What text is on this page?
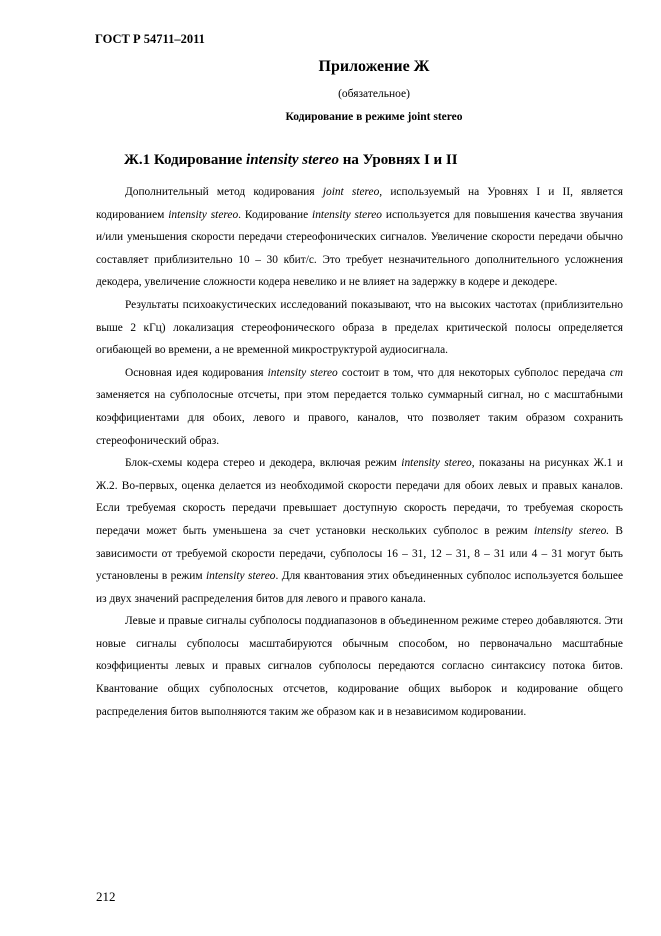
ГОСТ Р 54711–2011
Приложение Ж
(обязательное)
Кодирование в режиме joint stereo
Ж.1 Кодирование intensity stereo на Уровнях I и II

Дополнительный метод кодирования joint stereo, используемый на Уровнях I и II, является кодированием intensity stereo. Кодирование intensity stereo используется для повышения качества звучания и/или уменьшения скорости передачи стереофонических сигналов. Увеличение скорости передачи обычно составляет приблизительно 10 – 30 кбит/с. Это требует незначительного дополнительного усложнения декодера, увеличение сложности кодера невелико и не влияет на задержку в кодере и декодере.

Результаты психоакустических исследований показывают, что на высоких частотах (приблизительно выше 2 кГц) локализация стереофонического образа в пределах критической полосы определяется огибающей во времени, а не временной микроструктурой аудиосигнала.

Основная идея кодирования intensity stereo состоит в том, что для некоторых субполос передача ст заменяется на субполосные отсчеты, при этом передается только суммарный сигнал, но с масштабными коэффициентами для обоих, левого и правого, каналов, что позволяет таким образом сохранить стереофонический образ.

Блок-схемы кодера стерео и декодера, включая режим intensity stereo, показаны на рисунках Ж.1 и Ж.2. Во-первых, оценка делается из необходимой скорости передачи для обоих левых и правых каналов. Если требуемая скорость передачи превышает доступную скорость передачи, то требуемая скорость передачи может быть уменьшена за счет установки нескольких субполос в режим intensity stereo. В зависимости от требуемой скорости передачи, субполосы 16 – 31, 12 – 31, 8 – 31 или 4 – 31 могут быть установлены в режим intensity stereo. Для квантования этих объединенных субполос используется большее из двух значений распределения битов для левого и правого канала.

Левые и правые сигналы субполосы поддиапазонов в объединенном режиме стерео добавляются. Эти новые сигналы субполосы масштабируются обычным способом, но первоначально масштабные коэффициенты левых и правых сигналов субполосы передаются согласно синтаксису потока битов. Квантование общих субполосных отсчетов, кодирование общих выборок и кодирование общего распределения битов выполняются таким же образом как и в независимом кодировании.

212
